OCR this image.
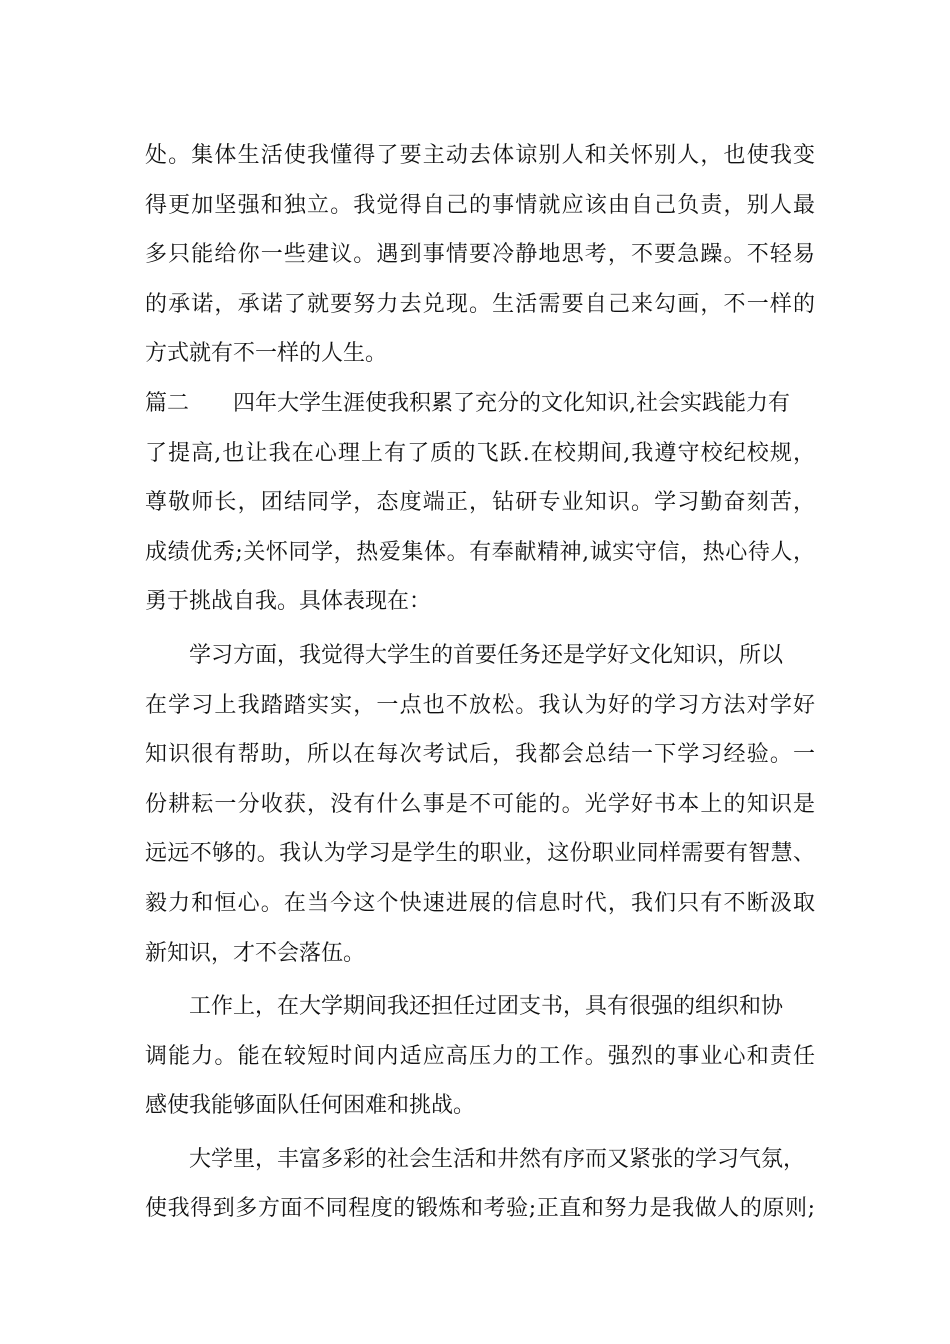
处。集体生活使我懂得了要主动去体谅别人和关怀别人，也使我变
得更加坚强和独立。我觉得自己的事情就应该由自己负责，别人最
多只能给你一些建议。遇到事情要冷静地思考，不要急躁。不轻易
的承诺，承诺了就要努力去兑现。生活需要自己来勾画，不一样的
方式就有不一样的人生。
篇二 四年大学生涯使我积累了充分的文化知识,社会实践能力有
了提高,也让我在心理上有了质的飞跃.在校期间,我遵守校纪校规，
尊敬师长，团结同学，态度端正，钻研专业知识。学习勤奋刻苦，
成绩优秀;关怀同学，热爱集体。有奉献精神,诚实守信，热心待人，
勇于挑战自我。具体表现在：
学习方面，我觉得大学生的首要任务还是学好文化知识，所以
在学习上我踏踏实实，一点也不放松。我认为好的学习方法对学好
知识很有帮助，所以在每次考试后，我都会总结一下学习经验。一
份耕耘一分收获，没有什么事是不可能的。光学好书本上的知识是
远远不够的。我认为学习是学生的职业，这份职业同样需要有智慧、
毅力和恒心。在当今这个快速进展的信息时代，我们只有不断汲取
新知识，才不会落伍。
工作上，在大学期间我还担任过团支书，具有很强的组织和协
调能力。能在较短时间内适应高压力的工作。强烈的事业心和责任
感使我能够面队任何困难和挑战。
大学里，丰富多彩的社会生活和井然有序而又紧张的学习气氛，
使我得到多方面不同程度的锻炼和考验;正直和努力是我做人的原则;
